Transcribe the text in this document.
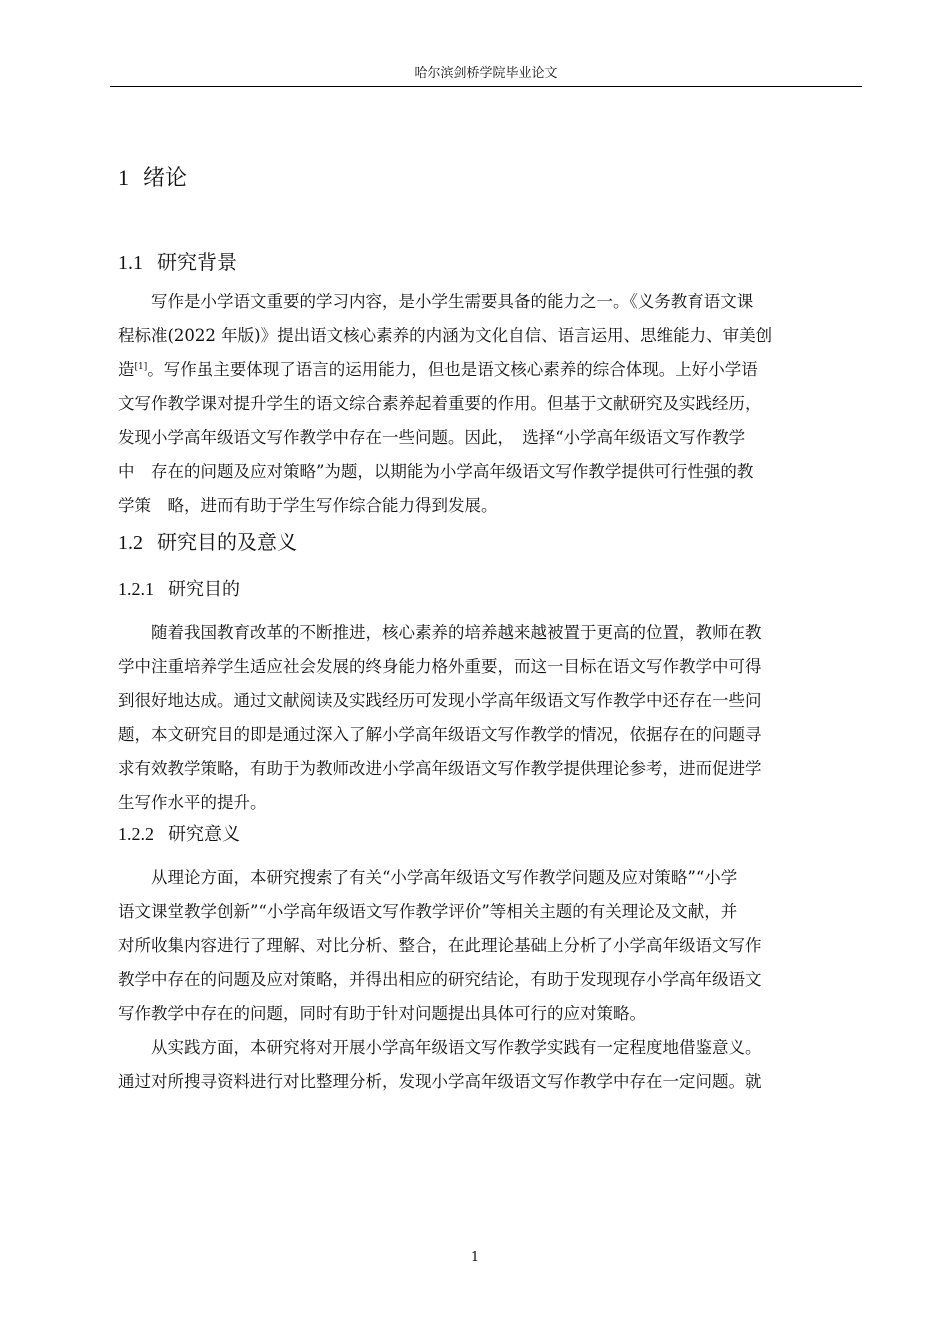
哈尔滨剑桥学院毕业论文
1 绪论
1.1 研究背景
写作是小学语文重要的学习内容，是小学生需要具备的能力之一。《义务教育语文课
程标准(2022 年版)》提出语文核心素养的内涵为文化自信、语言运用、思维能力、审美创
造[1]。写作虽主要体现了语言的运用能力，但也是语文核心素养的综合体现。上好小学语
文写作教学课对提升学生的语文综合素养起着重要的作用。但基于文献研究及实践经历，
发现小学高年级语文写作教学中存在一些问题。因此，　选择“小学高年级语文写作教学
中　存在的问题及应对策略”为题，以期能为小学高年级语文写作教学提供可行性强的教
学策　略，进而有助于学生写作综合能力得到发展。
1.2 研究目的及意义
1.2.1 研究目的
随着我国教育改革的不断推进，核心素养的培养越来越被置于更高的位置，教师在教
学中注重培养学生适应社会发展的终身能力格外重要，而这一目标在语文写作教学中可得
到很好地达成。通过文献阅读及实践经历可发现小学高年级语文写作教学中还存在一些问
题，本文研究目的即是通过深入了解小学高年级语文写作教学的情况，依据存在的问题寻
求有效教学策略，有助于为教师改进小学高年级语文写作教学提供理论参考，进而促进学
生写作水平的提升。
1.2.2 研究意义
从理论方面，本研究搜索了有关“小学高年级语文写作教学问题及应对策略”“小学
语文课堂教学创新”“小学高年级语文写作教学评价”等相关主题的有关理论及文献，并
对所收集内容进行了理解、对比分析、整合，在此理论基础上分析了小学高年级语文写作
教学中存在的问题及应对策略，并得出相应的研究结论，有助于发现现存小学高年级语文
写作教学中存在的问题，同时有助于针对问题提出具体可行的应对策略。
从实践方面，本研究将对开展小学高年级语文写作教学实践有一定程度地借鉴意义。
通过对所搜寻资料进行对比整理分析，发现小学高年级语文写作教学中存在一定问题。就
1
